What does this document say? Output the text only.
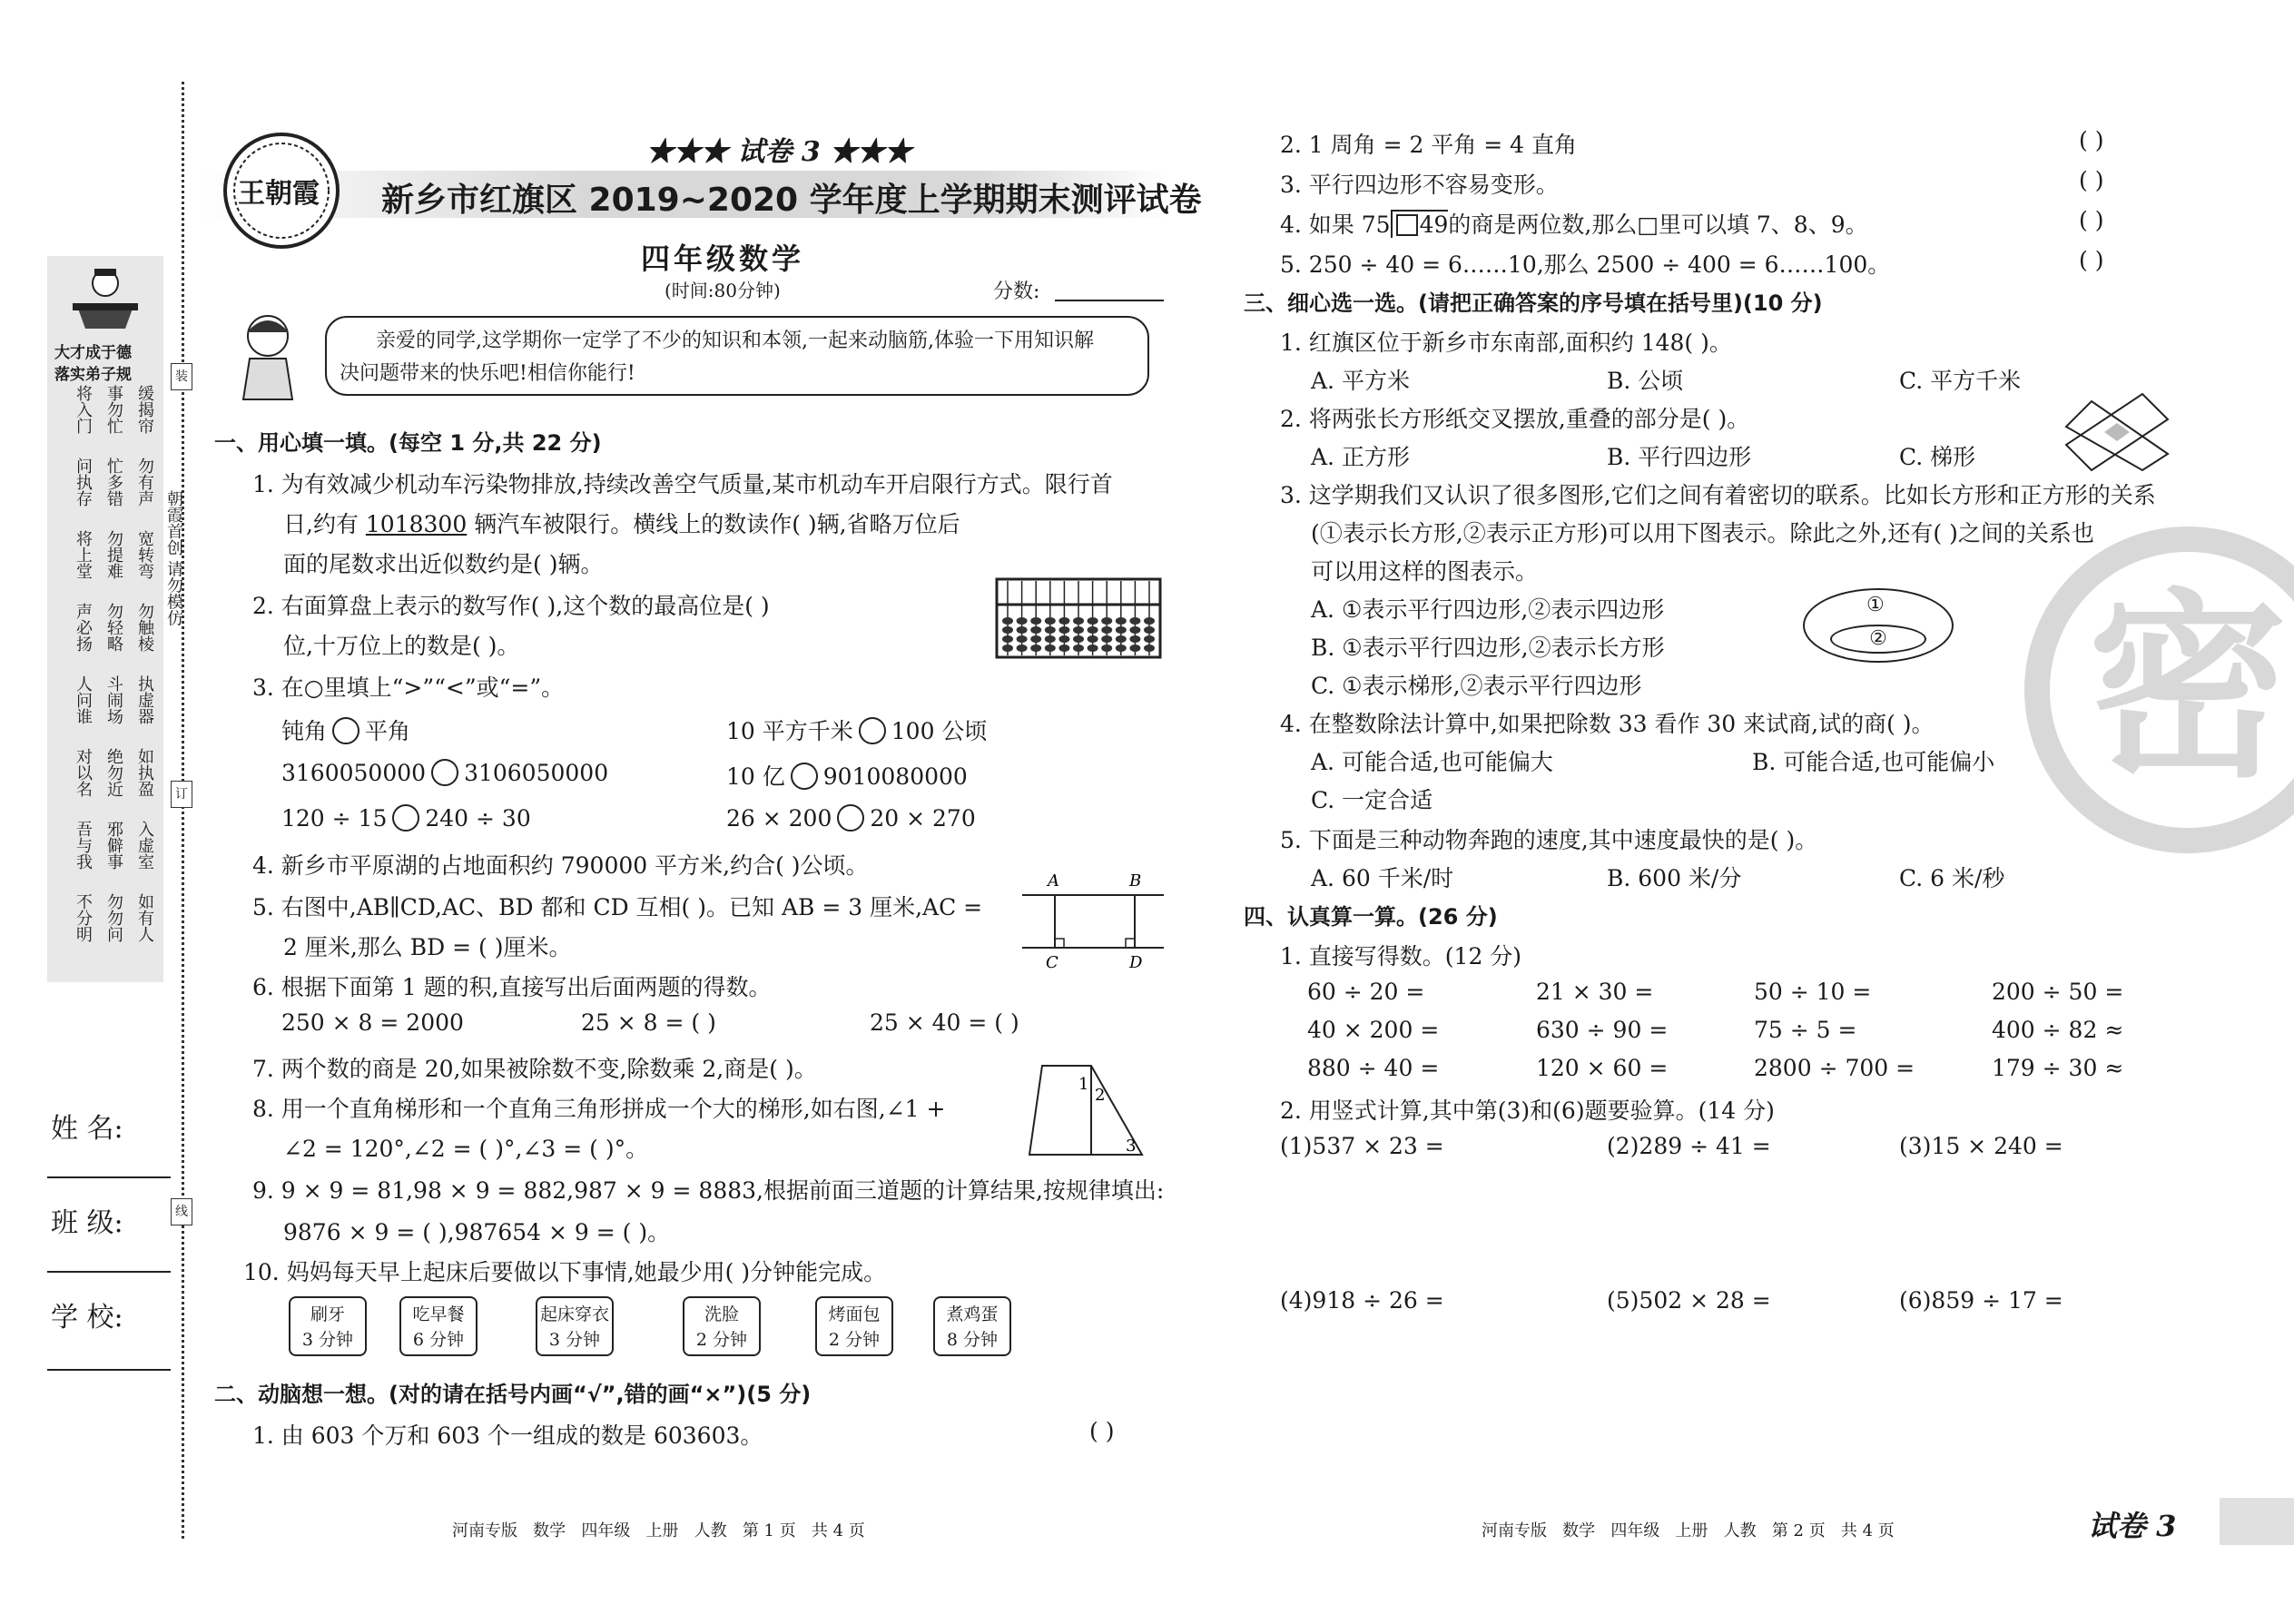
装
订
线
朝霞首创 请勿模仿
大才成于德
落实弟子规
将入门 事勿忙 缓揭帘
问执存 忙多错 勿有声
将上堂 勿提难 宽转弯
声必扬 勿轻略 勿触棱
人问谁 斗闹场 执虚器
对以名 绝勿近 如执盈
吾与我 邪僻事 入虚室
不分明 勿勿问 如有人
姓 名:
班 级:
学 校:
王朝霞
★★★ 试卷 3 ★★★
新乡市红旗区 2019~2020 学年度上学期期末测评试卷
四年级数学
(时间:80分钟)	分数:
亲爱的同学,这学期你一定学了不少的知识和本领,一起来动脑筋,体验一下用知识解
决问题带来的快乐吧!相信你能行!
一、用心填一填。(每空 1 分,共 22 分)
1. 为有效减少机动车污染物排放,持续改善空气质量,某市机动车开启限行方式。限行首
日,约有 1018300 辆汽车被限行。横线上的数读作( )辆,省略万位后
面的尾数求出近似数约是( )辆。
2. 右面算盘上表示的数写作( ),这个数的最高位是( )
位,十万位上的数是( )。
3. 在○里填上“>”“<”或“=”。
钝角 平角	10 平方千米 100 公顷
3160050000 3106050000	10 亿 9010080000
120 ÷ 15 240 ÷ 30	26 × 200 20 × 270
4. 新乡市平原湖的占地面积约 790000 平方米,约合( )公顷。
5. 右图中,AB∥CD,AC、BD 都和 CD 互相( )。已知 AB = 3 厘米,AC =
2 厘米,那么 BD = ( )厘米。
A	B
C	D
6. 根据下面第 1 题的积,直接写出后面两题的得数。
250 × 8 = 2000	25 × 8 = ( )	25 × 40 = ( )
7. 两个数的商是 20,如果被除数不变,除数乘 2,商是( )。
8. 用一个直角梯形和一个直角三角形拼成一个大的梯形,如右图,∠1 +
∠2 = 120°,∠2 = ( )°,∠3 = ( )°。
1
2
3
9. 9 × 9 = 81,98 × 9 = 882,987 × 9 = 8883,根据前面三道题的计算结果,按规律填出:
9876 × 9 = ( ),987654 × 9 = ( )。
10. 妈妈每天早上起床后要做以下事情,她最少用( )分钟能完成。
刷牙
3 分钟
吃早餐
6 分钟
起床穿衣
3 分钟
洗脸
2 分钟
烤面包
2 分钟
煮鸡蛋
8 分钟
二、动脑想一想。(对的请在括号内画“√”,错的画“×”)(5 分)
1. 由 603 个万和 603 个一组成的数是 603603。	( )
2. 1 周角 = 2 平角 = 4 直角	( )
3. 平行四边形不容易变形。	( )
4. 如果 75 49的商是两位数,那么□里可以填 7、8、9。	( )
5. 250 ÷ 40 = 6……10,那么 2500 ÷ 400 = 6……100。	( )
密
三、细心选一选。(请把正确答案的序号填在括号里)(10 分)
1. 红旗区位于新乡市东南部,面积约 148( )。
A. 平方米	B. 公顷	C. 平方千米
2. 将两张长方形纸交叉摆放,重叠的部分是( )。
A. 正方形	B. 平行四边形	C. 梯形
3. 这学期我们又认识了很多图形,它们之间有着密切的联系。比如长方形和正方形的关系
(①表示长方形,②表示正方形)可以用下图表示。除此之外,还有( )之间的关系也
可以用这样的图表示。
A. ①表示平行四边形,②表示四边形
B. ①表示平行四边形,②表示长方形
C. ①表示梯形,②表示平行四边形
①
②
4. 在整数除法计算中,如果把除数 33 看作 30 来试商,试的商( )。
A. 可能合适,也可能偏大	B. 可能合适,也可能偏小
C. 一定合适
5. 下面是三种动物奔跑的速度,其中速度最快的是( )。
A. 60 千米/时	B. 600 米/分	C. 6 米/秒
四、认真算一算。(26 分)
1. 直接写得数。(12 分)
60 ÷ 20 =	21 × 30 =	50 ÷ 10 =	200 ÷ 50 =
40 × 200 =	630 ÷ 90 =	75 ÷ 5 =	400 ÷ 82 ≈
880 ÷ 40 =	120 × 60 =	2800 ÷ 700 =	179 ÷ 30 ≈
2. 用竖式计算,其中第(3)和(6)题要验算。(14 分)
(1)537 × 23 =	(2)289 ÷ 41 =	(3)15 × 240 =
(4)918 ÷ 26 =	(5)502 × 28 =	(6)859 ÷ 17 =
河南专版   数学   四年级   上册   人教   第 1 页   共 4 页	河南专版   数学   四年级   上册   人教   第 2 页   共 4 页	试卷 3
